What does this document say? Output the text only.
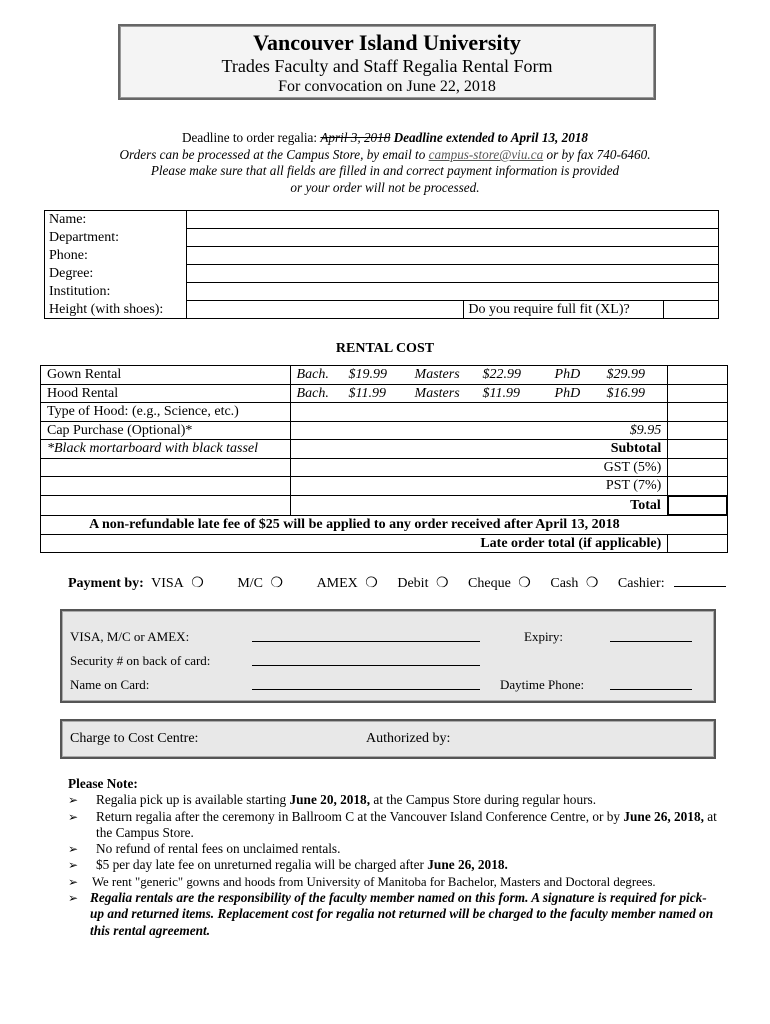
Vancouver Island University
Trades Faculty and Staff Regalia Rental Form
For convocation on June 22, 2018
Deadline to order regalia: April 3, 2018 Deadline extended to April 13, 2018
Orders can be processed at the Campus Store, by email to campus-store@viu.ca or by fax 740-6460.
Please make sure that all fields are filled in and correct payment information is provided
or your order will not be processed.
Name:			
Department:			
Phone:			
Degree:			
Institution:			
Height (with shoes):		Do you require full fit (XL)?	
RENTAL COST
Gown Rental	Bach. $19.99 Masters $22.99 PhD $29.99	
Hood Rental	Bach. $11.99 Masters $11.99 PhD $16.99	
Type of Hood: (e.g., Science, etc.)		
Cap Purchase (Optional)*	$9.95	
*Black mortarboard with black tassel	Subtotal	
	GST (5%)	
	PST (7%)	
	Total	
A non-refundable late fee of $25 will be applied to any order received after April 13, 2018		
Late order total (if applicable)		
Payment by: VISA ❍ M/C ❍ AMEX ❍ Debit ❍ Cheque ❍ Cash ❍ Cashier:
VISA, M/C or AMEX:	Expiry:
Security # on back of card:
Name on Card:	Daytime Phone:
Charge to Cost Centre:	Authorized by:

Please Note:

➢	Regalia pick up is available starting June 20, 2018, at the Campus Store during regular hours.
➢	Return regalia after the ceremony in Ballroom C at the Vancouver Island Conference Centre, or by June 26, 2018, at the Campus Store.
➢	No refund of rental fees on unclaimed rentals.
➢	$5 per day late fee on unreturned regalia will be charged after June 26, 2018.
➢	We rent "generic" gowns and hoods from University of Manitoba for Bachelor, Masters and Doctoral degrees.
➢ Regalia rentals are the responsibility of the faculty member named on this form. A signature is required for pick-up and returned items. Replacement cost for regalia not returned will be charged to the faculty member named on this rental agreement.
